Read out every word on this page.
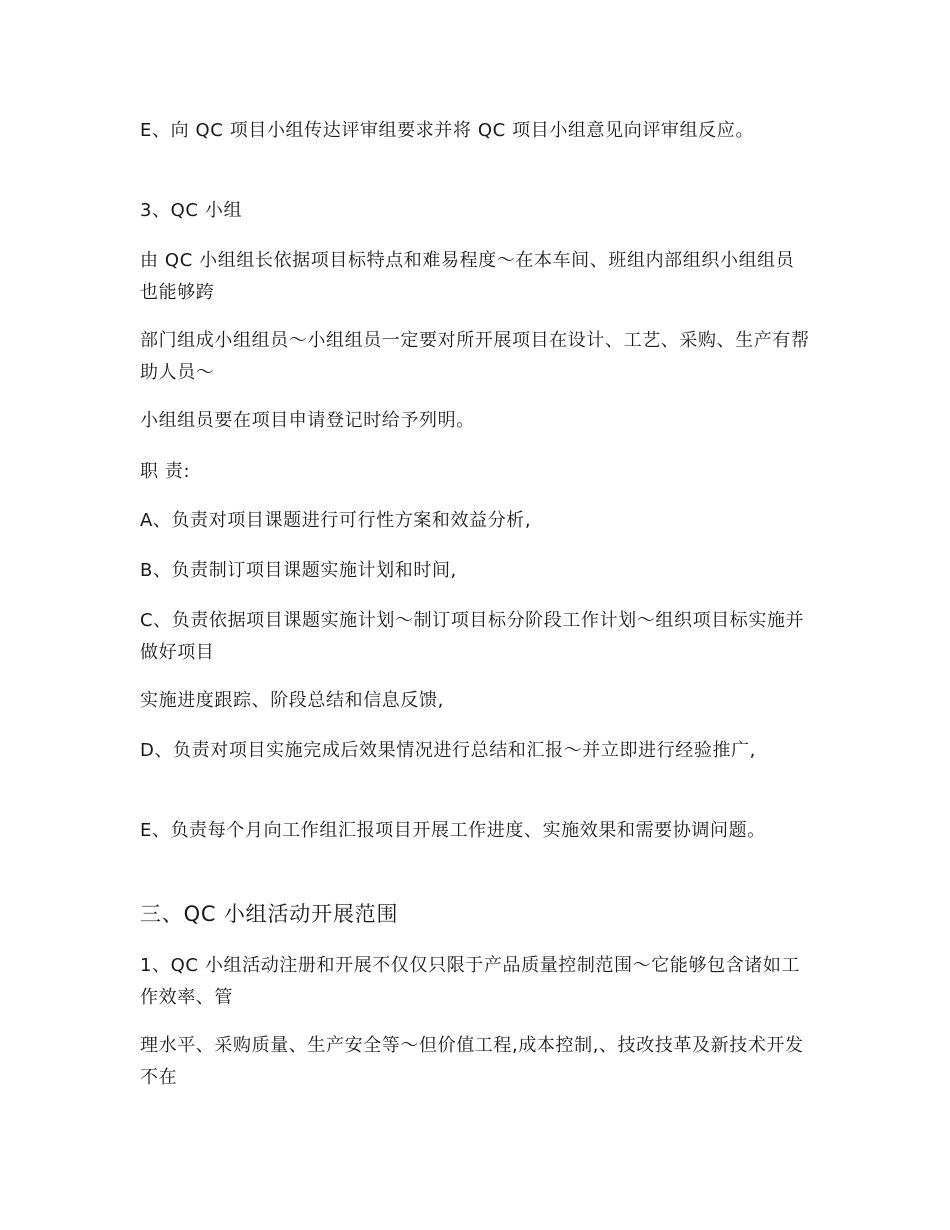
E、向 QC 项目小组传达评审组要求并将 QC 项目小组意见向评审组反应。

3、QC 小组

由 QC 小组组长依据项目标特点和难易程度～在本车间、班组内部组织小组组员也能够跨

部门组成小组组员～小组组员一定要对所开展项目在设计、工艺、采购、生产有帮助人员～

小组组员要在项目申请登记时给予列明。

职 责:

A、负责对项目课题进行可行性方案和效益分析,

B、负责制订项目课题实施计划和时间,

C、负责依据项目课题实施计划～制订项目标分阶段工作计划～组织项目标实施并做好项目

实施进度跟踪、阶段总结和信息反馈,

D、负责对项目实施完成后效果情况进行总结和汇报～并立即进行经验推广,

E、负责每个月向工作组汇报项目开展工作进度、实施效果和需要协调问题。

三、QC 小组活动开展范围

1、QC 小组活动注册和开展不仅仅只限于产品质量控制范围～它能够包含诸如工作效率、管

理水平、采购质量、生产安全等～但价值工程,成本控制,、技改技革及新技术开发不在
